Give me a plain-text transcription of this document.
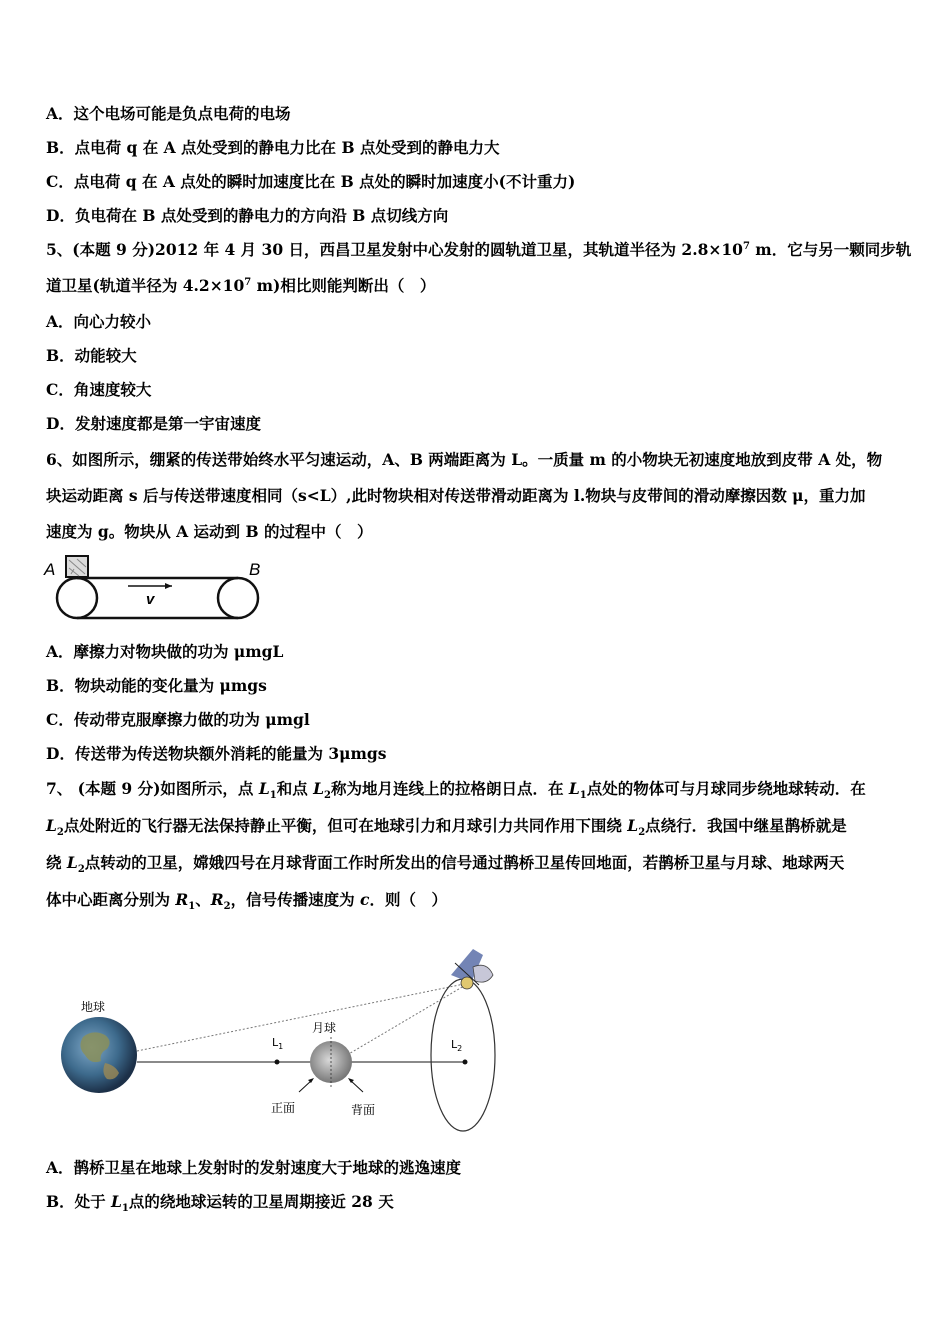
A．这个电场可能是负点电荷的电场
B．点电荷 q 在 A 点处受到的静电力比在 B 点处受到的静电力大
C．点电荷 q 在 A 点处的瞬时加速度比在 B 点处的瞬时加速度小(不计重力)
D．负电荷在 B 点处受到的静电力的方向沿 B 点切线方向
5、(本题 9 分)2012 年 4 月 30 日，西昌卫星发射中心发射的圆轨道卫星，其轨道半径为 $2.8\times 10^7$ m．它与另一颗同步轨
道卫星(轨道半径为 $4.2\times 10^7$ m)相比则能判断出（　）
A．向心力较小
B．动能较大
C．角速度较大
D．发射速度都是第一宇宙速度
6、如图所示，绷紧的传送带始终水平匀速运动，A、B 两端距离为 L。一质量 m 的小物块无初速度地放到皮带 A 处，物
块运动距离 s 后与传送带速度相同（s<L）,此时物块相对传送带滑动距离为 l.物块与皮带间的滑动摩擦因数 μ，重力加
速度为 g。物块从 A 运动到 B 的过程中（　）
A	B
v
A．摩擦力对物块做的功为 μmgL
B．物块动能的变化量为 μmgs
C．传动带克服摩擦力做的功为 μmgl
D．传送带为传送物块额外消耗的能量为 3μmgs
7、 (本题 9 分)如图所示，点 $L_1$和点 $L_2$称为地月连线上的拉格朗日点．在 $L_1$点处的物体可与月球同步绕地球转动．在
$L_2$点处附近的飞行器无法保持静止平衡，但可在地球引力和月球引力共同作用下围绕 $L_2$点绕行．我国中继星鹊桥就是
绕 $L_2$点转动的卫星，嫦娥四号在月球背面工作时所发出的信号通过鹊桥卫星传回地面，若鹊桥卫星与月球、地球两天
体中心距离分别为 $R_1$、$R_2$，信号传播速度为 c．则（　）
地球
$L_1$
月球
正面	背面
$L_2$
A．鹊桥卫星在地球上发射时的发射速度大于地球的逃逸速度
B．处于 $L_1$点的绕地球运转的卫星周期接近 28 天
